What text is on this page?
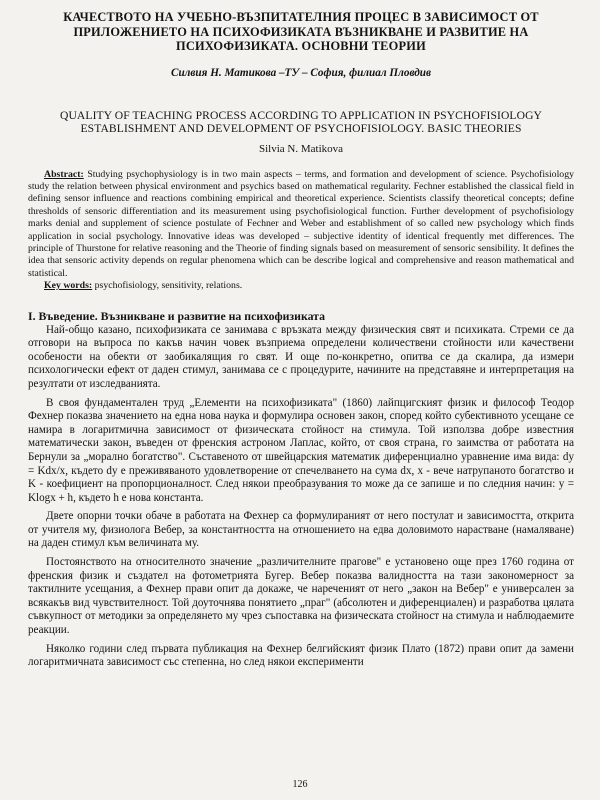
КАЧЕСТВОТО НА УЧЕБНО-ВЪЗПИТАТЕЛНИЯ ПРОЦЕС В ЗАВИСИМОСТ ОТ ПРИЛОЖЕНИЕТО НА ПСИХОФИЗИКАТА ВЪЗНИКВАНЕ И РАЗВИТИЕ НА ПСИХОФИЗИКАТА. ОСНОВНИ ТЕОРИИ

Силвия Н. Матикова –ТУ – София, филиал Пловдив

QUALITY OF TEACHING PROCESS ACCORDING TO APPLICATION IN PSYCHOFISIOLOGY ESTABLISHMENT AND DEVELOPMENT OF PSYCHOFISIOLOGY. BASIC THEORIES

Silvia N. Matikova

Abstract: Studying psychophysiology is in two main aspects – terms, and formation and development of science. Psychofisiology study the relation between physical environment and psychics based on mathematical regularity. Fechner established the classical field in defining sensor influence and reactions combining empirical and theoretical experience. Scientists classify theoretical concepts; define thresholds of sensoric differentiation and its measurement using psychofisiological function. Further development of psychofisiology marks denial and supplement of science postulate of Fechner and Weber and establishment of so called new psychology which finds application in social psychology. Innovative ideas was developed – subjective identity of identical frequently met differences. The principle of Thurstone for relative reasoning and the Theorie of finding signals based on measurement of sensoric sensibility. It defines the idea that sensoric activity depends on regular phenomena which can be describe logical and comprehensive and reason mathematical and statistical.

Key words: psychofisiology, sensitivity, relations.

I. Въведение. Възникване и развитие на психофизиката

Най-общо казано, психофизиката се занимава с връзката между физическия свят и психиката. Стреми се да отговори на въпроса по какъв начин човек възприема определени количествени стойности или качествени особености на обекти от заобикалящия го свят. И още по-конкретно, опитва се да скалира, да измери психологически ефект от даден стимул, занимава се с процедурите, начините на представяне и интерпретация на резултати от изследванията.

В своя фундаментален труд „Елементи на психофизиката" (1860) лайпцигският физик и философ Теодор Фехнер показва значението на една нова наука и формулира основен закон, според който субективното усещане се намира в логаритмична зависимост от физическата стойност на стимула. Той използва добре известния математически закон, въведен от френския астроном Лаплас, който, от своя страна, го заимства от работата на Бернули за „морално богатство". Съставеното от швейцарския математик диференциално уравнение има вида: dy = Kdx/x, където dy е преживяваното удовлетворение от спечелването на сума dx, x - вече натрупаното богатство и K - коефициент на пропорционалност. След някои преобразувания то може да се запише и по следния начин: y = Klogx + h, където h е нова константа.

Двете опорни точки обаче в работата на Фехнер са формулираният от него постулат и зависимостта, открита от учителя му, физиолога Вебер, за константността на отношението на едва доловимото нарастване (намаляване) на даден стимул към величината му.

Постоянството на относителното значение „различителните прагове" е установено още през 1760 година от френския физик и създател на фотометрията Бугер. Вебер показва валидността на тази закономерност за тактилните усещания, а Фехнер прави опит да докаже, че нареченият от него „закон на Вебер" е универсален за всякакъв вид чувствителност. Той доуточнява понятието „праг" (абсолютен и диференциален) и разработва цялата съвкупност от методики за определянето му чрез съпоставка на физическата стойност на стимула и наблюдаемите реакции.

Няколко години след първата публикация на Фехнер белгийският физик Плато (1872) прави опит да замени логаритмичната зависимост със степенна, но след някои експерименти

126
